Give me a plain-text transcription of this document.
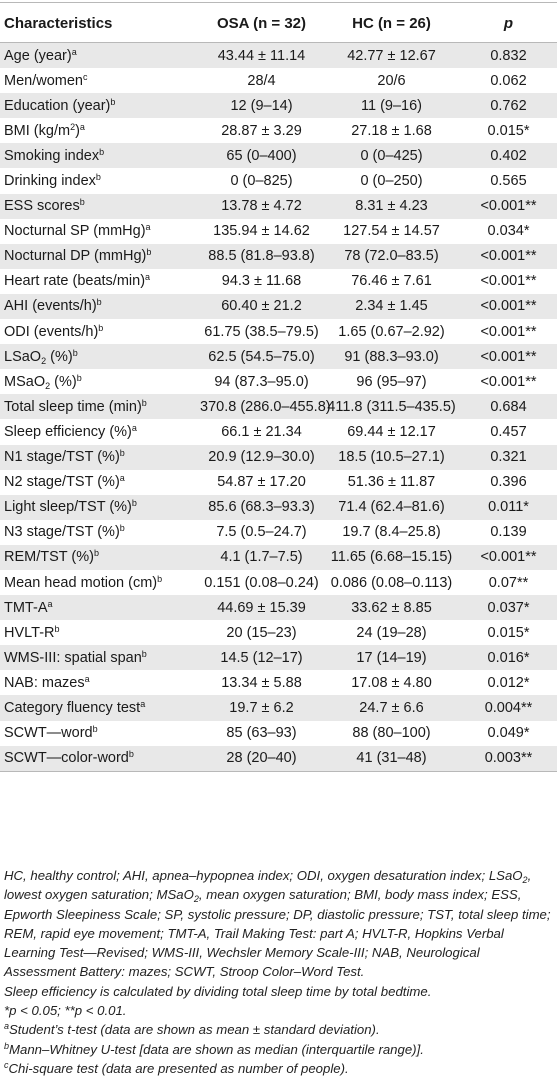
Characteristics	OSA (n = 32)	HC (n = 26)	p
Age (year)$^a$	43.44 ± 11.14	42.77 ± 12.67	0.832
Men/women$^c$	28/4	20/6	0.062
Education (year)$^b$	12 (9–14)	11 (9–16)	0.762
BMI $(kg/m^2)^a$	28.87 ± 3.29	27.18 ± 1.68	0.015*
Smoking index$^b$	65 (0–400)	0 (0–425)	0.402
Drinking index$^b$	0 (0–825)	0 (0–250)	0.565
ESS scores$^b$	13.78 ± 4.72	8.31 ± 4.23	<0.001**
Nocturnal SP (mmHg)$^a$	135.94 ± 14.62	127.54 ± 14.57	0.034*
Nocturnal DP (mmHg)$^b$	88.5 (81.8–93.8)	78 (72.0–83.5)	<0.001**
Heart rate (beats/min)$^a$	94.3 ± 11.68	76.46 ± 7.61	<0.001**
AHI (events/h)$^b$	60.40 ± 21.2	2.34 ± 1.45	<0.001**
ODI (events/h)$^b$	61.75 (38.5–79.5)	1.65 (0.67–2.92)	<0.001**
LSaO$_2$ (%)$^b$	62.5 (54.5–75.0)	91 (88.3–93.0)	<0.001**
MSaO$_2$ (%)$^b$	94 (87.3–95.0)	96 (95–97)	<0.001**
Total sleep time $(\min)^b$	370.8 (286.0–455.8)	411.8 (311.5–435.5)	0.684
Sleep efficiency (%)$^a$	66.1 ± 21.34	69.44 ± 12.17	0.457
N1 stage/TST (%)$^b$	20.9 (12.9–30.0)	18.5 (10.5–27.1)	0.321
N2 stage/TST (%)$^a$	54.87 ± 17.20	51.36 ± 11.87	0.396
Light sleep/TST (%)$^b$	85.6 (68.3–93.3)	71.4 (62.4–81.6)	0.011*
N3 stage/TST (%)$^b$	7.5 (0.5–24.7)	19.7 (8.4–25.8)	0.139
REM/TST (%)$^b$	4.1 (1.7–7.5)	11.65 (6.68–15.15)	<0.001**
Mean head motion (cm)$^b$	0.151 (0.08–0.24)	0.086 (0.08–0.113)	0.07**
TMT-$A^a$	44.69 ± 15.39	33.62 ± 8.85	0.037*
HVLT-$R^b$	20 (15–23)	24 (19–28)	0.015*
WMS-III: spatial span$^b$	14.5 (12–17)	17 (14–19)	0.016*
NAB: mazes$^a$	13.34 ± 5.88	17.08 ± 4.80	0.012*
Category fluency test$^a$	19.7 ± 6.2	24.7 ± 6.6	0.004**
SCWT—word$^b$	85 (63–93)	88 (80–100)	0.049*
SCWT—color-word$^b$	28 (20–40)	41 (31–48)	0.003**

HC, healthy control; AHI, apnea–hypopnea index; ODI, oxygen desaturation index; LSaO$_2$, lowest oxygen saturation; MSaO$_2$, mean oxygen saturation; BMI, body mass index; ESS, Epworth Sleepiness Scale; SP, systolic pressure; DP, diastolic pressure; TST, total sleep time; REM, rapid eye movement; TMT-A, Trail Making Test: part A; HVLT-R, Hopkins Verbal Learning Test—Revised; WMS-III, Wechsler Memory Scale-III; NAB, Neurological Assessment Battery: mazes; SCWT, Stroop Color–Word Test.

Sleep efficiency is calculated by dividing total sleep time by total bedtime.

*p < 0.05; **p < 0.01.

$^a$Student’s t-test (data are shown as mean ± standard deviation).

$^b$Mann–Whitney U-test [data are shown as median (interquartile range)].

$^c$Chi-square test (data are presented as number of people).
